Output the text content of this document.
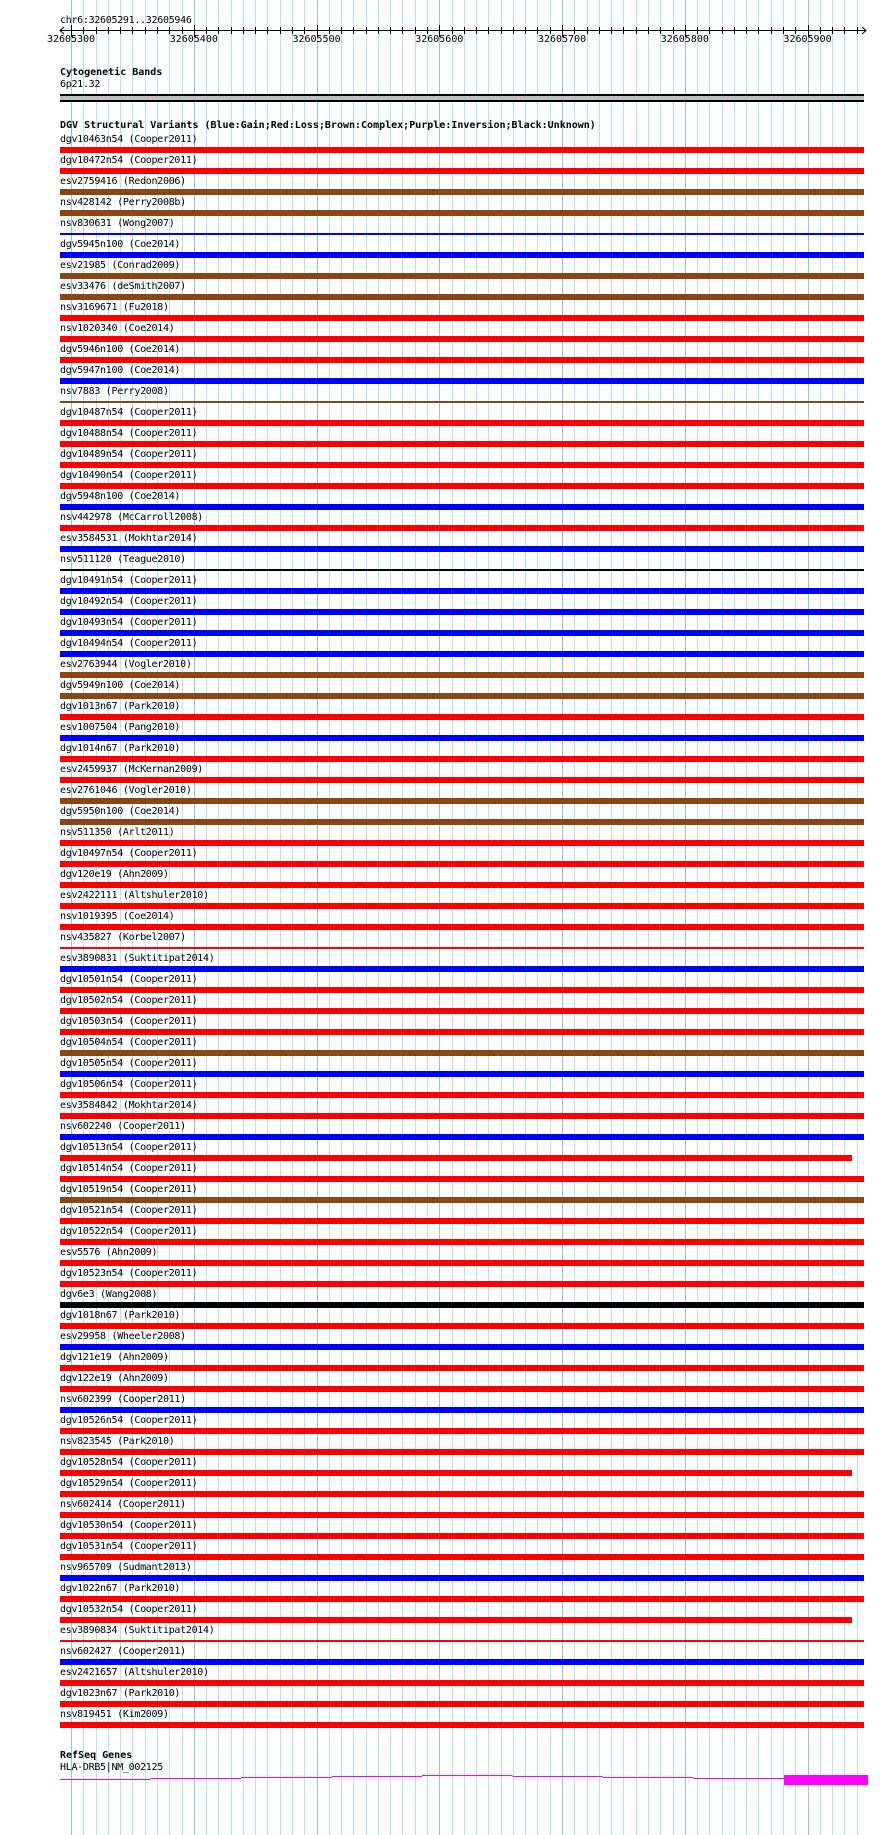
chr6:32605291..32605946
32605300	32605400	32605500	32605600	32605700	32605800	32605900
Cytogenetic Bands
6p21.32
DGV Structural Variants (Blue:Gain;Red:Loss;Brown:Complex;Purple:Inversion;Black:Unknown)
dgv10463n54 (Cooper2011)
dgv10472n54 (Cooper2011)
esv2759416 (Redon2006)
nsv428142 (Perry2008b)
nsv830631 (Wong2007)
dgv5945n100 (Coe2014)
esv21985 (Conrad2009)
esv33476 (deSmith2007)
nsv3169671 (Fu2018)
nsv1020340 (Coe2014)
dgv5946n100 (Coe2014)
dgv5947n100 (Coe2014)
nsv7883 (Perry2008)
dgv10487n54 (Cooper2011)
dgv10488n54 (Cooper2011)
dgv10489n54 (Cooper2011)
dgv10490n54 (Cooper2011)
dgv5948n100 (Coe2014)
nsv442978 (McCarroll2008)
esv3584531 (Mokhtar2014)
nsv511120 (Teague2010)
dgv10491n54 (Cooper2011)
dgv10492n54 (Cooper2011)
dgv10493n54 (Cooper2011)
dgv10494n54 (Cooper2011)
esv2763944 (Vogler2010)
dgv5949n100 (Coe2014)
dgv1013n67 (Park2010)
esv1007504 (Pang2010)
dgv1014n67 (Park2010)
esv2459937 (McKernan2009)
esv2761046 (Vogler2010)
dgv5950n100 (Coe2014)
nsv511350 (Arlt2011)
dgv10497n54 (Cooper2011)
dgv120e19 (Ahn2009)
esv2422111 (Altshuler2010)
nsv1019395 (Coe2014)
nsv435827 (Korbel2007)
esv3890831 (Suktitipat2014)
dgv10501n54 (Cooper2011)
dgv10502n54 (Cooper2011)
dgv10503n54 (Cooper2011)
dgv10504n54 (Cooper2011)
dgv10505n54 (Cooper2011)
dgv10506n54 (Cooper2011)
esv3584842 (Mokhtar2014)
nsv602240 (Cooper2011)
dgv10513n54 (Cooper2011)
dgv10514n54 (Cooper2011)
dgv10519n54 (Cooper2011)
dgv10521n54 (Cooper2011)
dgv10522n54 (Cooper2011)
esv5576 (Ahn2009)
dgv10523n54 (Cooper2011)
dgv6e3 (Wang2008)
dgv1018n67 (Park2010)
esv29958 (Wheeler2008)
dgv121e19 (Ahn2009)
dgv122e19 (Ahn2009)
nsv602399 (Cooper2011)
dgv10526n54 (Cooper2011)
nsv823545 (Park2010)
dgv10528n54 (Cooper2011)
dgv10529n54 (Cooper2011)
nsv602414 (Cooper2011)
dgv10530n54 (Cooper2011)
dgv10531n54 (Cooper2011)
nsv965709 (Sudmant2013)
dgv1022n67 (Park2010)
dgv10532n54 (Cooper2011)
esv3890834 (Suktitipat2014)
nsv602427 (Cooper2011)
esv2421657 (Altshuler2010)
dgv1023n67 (Park2010)
nsv819451 (Kim2009)
RefSeq Genes
HLA-DRB5|NM_002125
